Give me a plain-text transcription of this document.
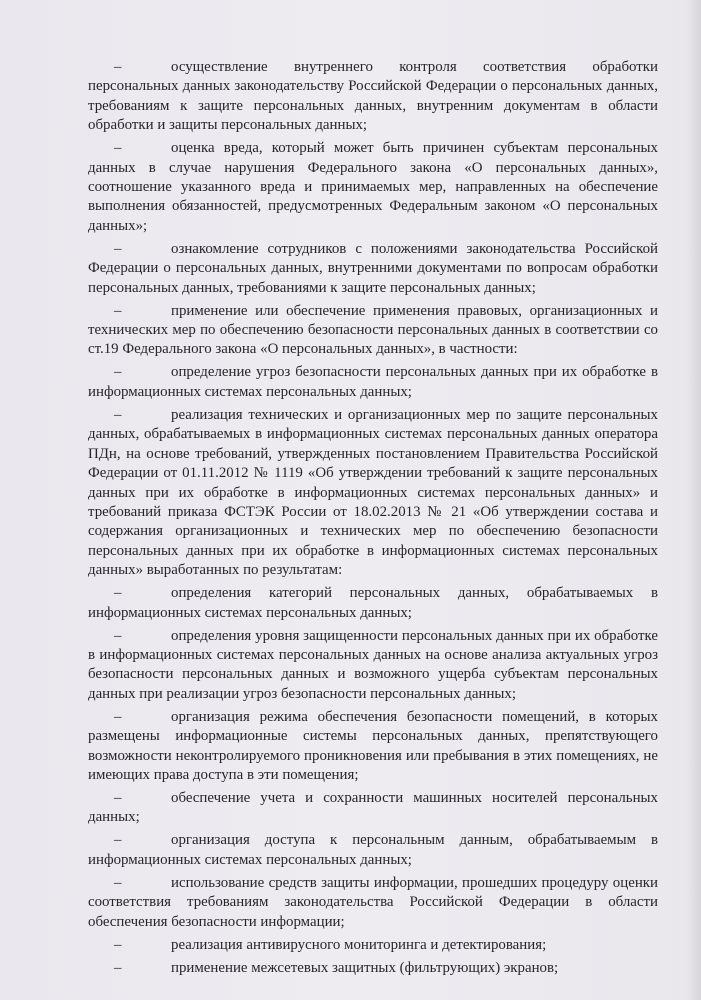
–	осуществление внутреннего контроля соответствия обработки персональных данных законодательству Российской Федерации о персональных данных, требованиям к защите персональных данных, внутренним документам в области обработки и защиты персональных данных;

–	оценка вреда, который может быть причинен субъектам персональных данных в случае нарушения Федерального закона «О персональных данных», соотношение указанного вреда и принимаемых мер, направленных на обеспечение выполнения обязанностей, предусмотренных Федеральным законом «О персональных данных»;

–	ознакомление сотрудников с положениями законодательства Российской Федерации о персональных данных, внутренними документами по вопросам обработки персональных данных, требованиями к защите персональных данных;

–	применение или обеспечение применения правовых, организационных и технических мер по обеспечению безопасности персональных данных в соответствии со ст.19 Федерального закона «О персональных данных», в частности:

–	определение угроз безопасности персональных данных при их обработке в информационных системах персональных данных;

–	реализация технических и организационных мер по защите персональных данных, обрабатываемых в информационных системах персональных данных оператора ПДн, на основе требований, утвержденных постановлением Правительства Российской Федерации от 01.11.2012 № 1119 «Об утверждении требований к защите персональных данных при их обработке в информационных системах персональных данных» и требований приказа ФСТЭК России от 18.02.2013 № 21 «Об утверждении состава и содержания организационных и технических мер по обеспечению безопасности персональных данных при их обработке в информационных системах персональных данных» выработанных по результатам:

–	определения категорий персональных данных, обрабатываемых в информационных системах персональных данных;

–	определения уровня защищенности персональных данных при их обработке в информационных системах персональных данных на основе анализа актуальных угроз безопасности персональных данных и возможного ущерба субъектам персональных данных при реализации угроз безопасности персональных данных;

–	организация режима обеспечения безопасности помещений, в которых размещены информационные системы персональных данных, препятствующего возможности неконтролируемого проникновения или пребывания в этих помещениях, не имеющих права доступа в эти помещения;

–	обеспечение учета и сохранности машинных носителей персональных данных;

–	организация доступа к персональным данным, обрабатываемым в информационных системах персональных данных;

–	использование средств защиты информации, прошедших процедуру оценки соответствия требованиям законодательства Российской Федерации в области обеспечения безопасности информации;

–	реализация антивирусного мониторинга и детектирования;

–	применение межсетевых защитных (фильтрующих) экранов;
